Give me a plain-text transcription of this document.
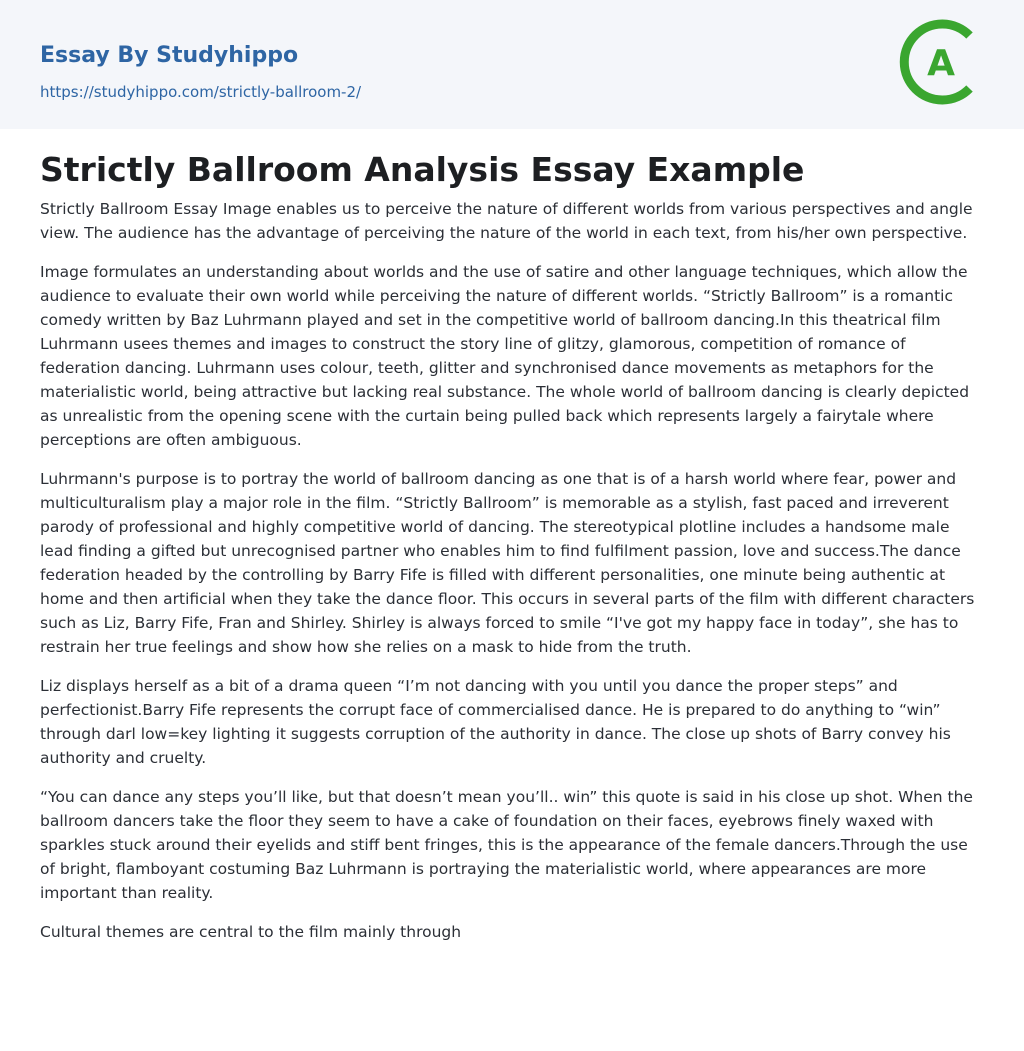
Essay By Studyhippo
https://studyhippo.com/strictly-ballroom-2/
A
Strictly Ballroom Analysis Essay Example

Strictly Ballroom Essay Image enables us to perceive the nature of different worlds from various perspectives and angle view. The audience has the advantage of perceiving the nature of the world in each text, from his/her own perspective.

Image formulates an understanding about worlds and the use of satire and other language techniques, which allow the audience to evaluate their own world while perceiving the nature of different worlds. “Strictly Ballroom” is a romantic comedy written by Baz Luhrmann played and set in the competitive world of ballroom dancing.In this theatrical film Luhrmann usees themes and images to construct the story line of glitzy, glamorous, competition of romance of federation dancing. Luhrmann uses colour, teeth, glitter and synchronised dance movements as metaphors for the materialistic world, being attractive but lacking real substance. The whole world of ballroom dancing is clearly depicted as unrealistic from the opening scene with the curtain being pulled back which represents largely a fairytale where perceptions are often ambiguous.

Luhrmann's purpose is to portray the world of ballroom dancing as one that is of a harsh world where fear, power and multiculturalism play a major role in the film. “Strictly Ballroom” is memorable as a stylish, fast paced and irreverent parody of professional and highly competitive world of dancing. The stereotypical plotline includes a handsome male lead finding a gifted but unrecognised partner who enables him to find fulfilment passion, love and success.The dance federation headed by the controlling by Barry Fife is filled with different personalities, one minute being authentic at home and then artificial when they take the dance floor. This occurs in several parts of the film with different characters such as Liz, Barry Fife, Fran and Shirley. Shirley is always forced to smile “I've got my happy face in today”, she has to restrain her true feelings and show how she relies on a mask to hide from the truth.

Liz displays herself as a bit of a drama queen “I’m not dancing with you until you dance the proper steps” and perfectionist.Barry Fife represents the corrupt face of commercialised dance. He is prepared to do anything to “win” through darl low=key lighting it suggests corruption of the authority in dance. The close up shots of Barry convey his authority and cruelty.

“You can dance any steps you’ll like, but that doesn’t mean you’ll.. win” this quote is said in his close up shot. When the ballroom dancers take the floor they seem to have a cake of foundation on their faces, eyebrows finely waxed with sparkles stuck around their eyelids and stiff bent fringes, this is the appearance of the female dancers.Through the use of bright, flamboyant costuming Baz Luhrmann is portraying the materialistic world, where appearances are more important than reality.

Cultural themes are central to the film mainly through
